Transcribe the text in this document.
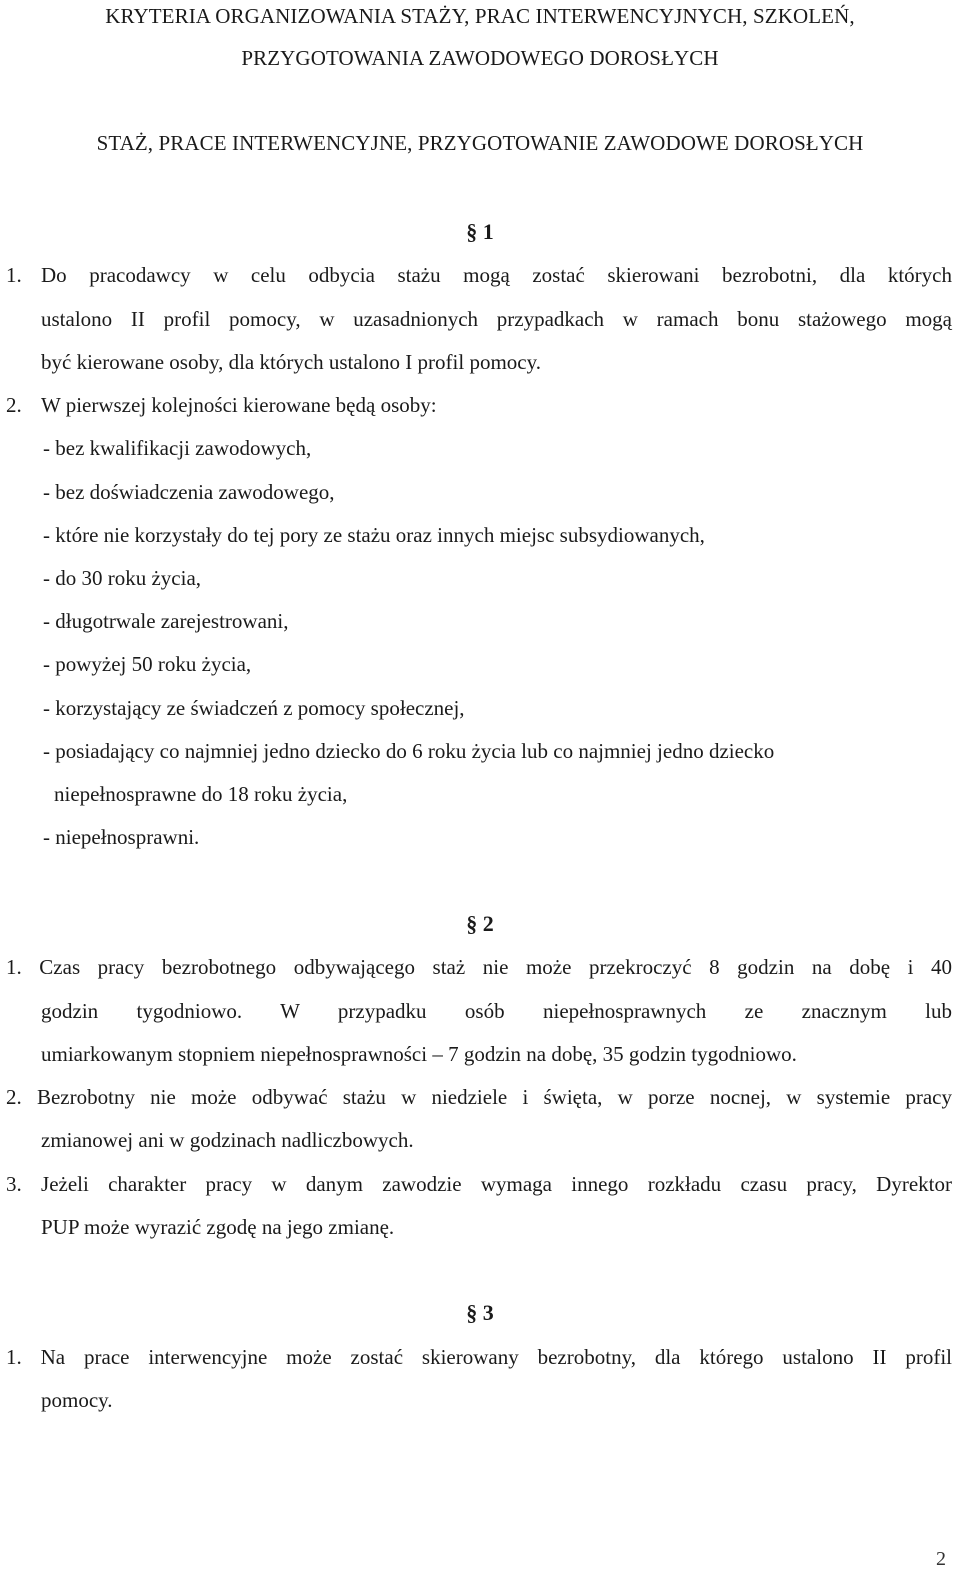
KRYTERIA ORGANIZOWANIA STAŻY, PRAC INTERWENCYJNYCH, SZKOLEŃ,
PRZYGOTOWANIA ZAWODOWEGO DOROSŁYCH
STAŻ, PRACE INTERWENCYJNE, PRZYGOTOWANIE ZAWODOWE DOROSŁYCH
§ 1
1. Do pracodawcy w celu odbycia stażu mogą zostać skierowani bezrobotni, dla których
ustalono II profil pomocy, w uzasadnionych przypadkach w ramach bonu stażowego mogą
być kierowane osoby, dla których ustalono I profil pomocy.
2. W pierwszej kolejności kierowane będą osoby:
- bez kwalifikacji zawodowych,
- bez doświadczenia zawodowego,
- które nie korzystały do tej pory ze stażu oraz innych miejsc subsydiowanych,
- do 30 roku życia,
- długotrwale zarejestrowani,
- powyżej 50 roku życia,
- korzystający ze świadczeń z pomocy społecznej,
- posiadający co najmniej jedno dziecko do 6 roku życia lub co najmniej jedno dziecko
niepełnosprawne do 18 roku życia,
- niepełnosprawni.
§ 2
1. Czas pracy bezrobotnego odbywającego staż nie może przekroczyć 8 godzin na dobę i 40
godzin tygodniowo. W przypadku osób niepełnosprawnych ze znacznym lub
umiarkowanym stopniem niepełnosprawności – 7 godzin na dobę, 35 godzin tygodniowo.
2. Bezrobotny nie może odbywać stażu w niedziele i święta, w porze nocnej, w systemie pracy
zmianowej ani w godzinach nadliczbowych.
3. Jeżeli charakter pracy w danym zawodzie wymaga innego rozkładu czasu pracy, Dyrektor
PUP może wyrazić zgodę na jego zmianę.
§ 3
1. Na prace interwencyjne może zostać skierowany bezrobotny, dla którego ustalono II profil
pomocy.
2
